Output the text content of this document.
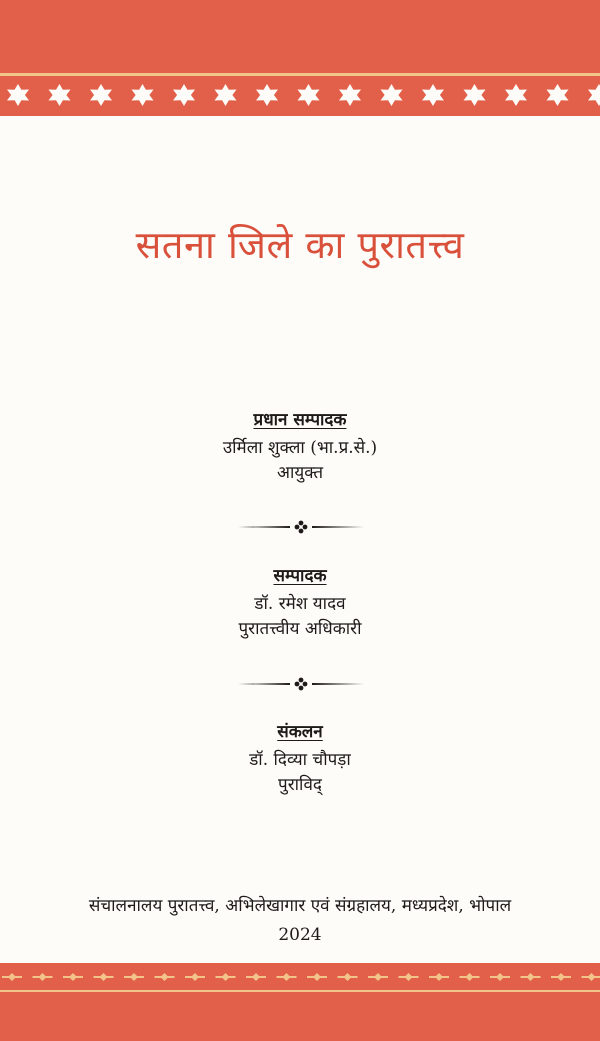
सतना जिले का पुरातत्त्व
प्रधान सम्पादक
उर्मिला शुक्ला (भा.प्र.से.)
आयुक्त
सम्पादक
डॉ. रमेश यादव
पुरातत्त्वीय अधिकारी
संकलन
डॉ. दिव्या चौपड़ा
पुराविद्
संचालनालय पुरातत्त्व, अभिलेखागार एवं संग्रहालय, मध्यप्रदेश, भोपाल
2024
